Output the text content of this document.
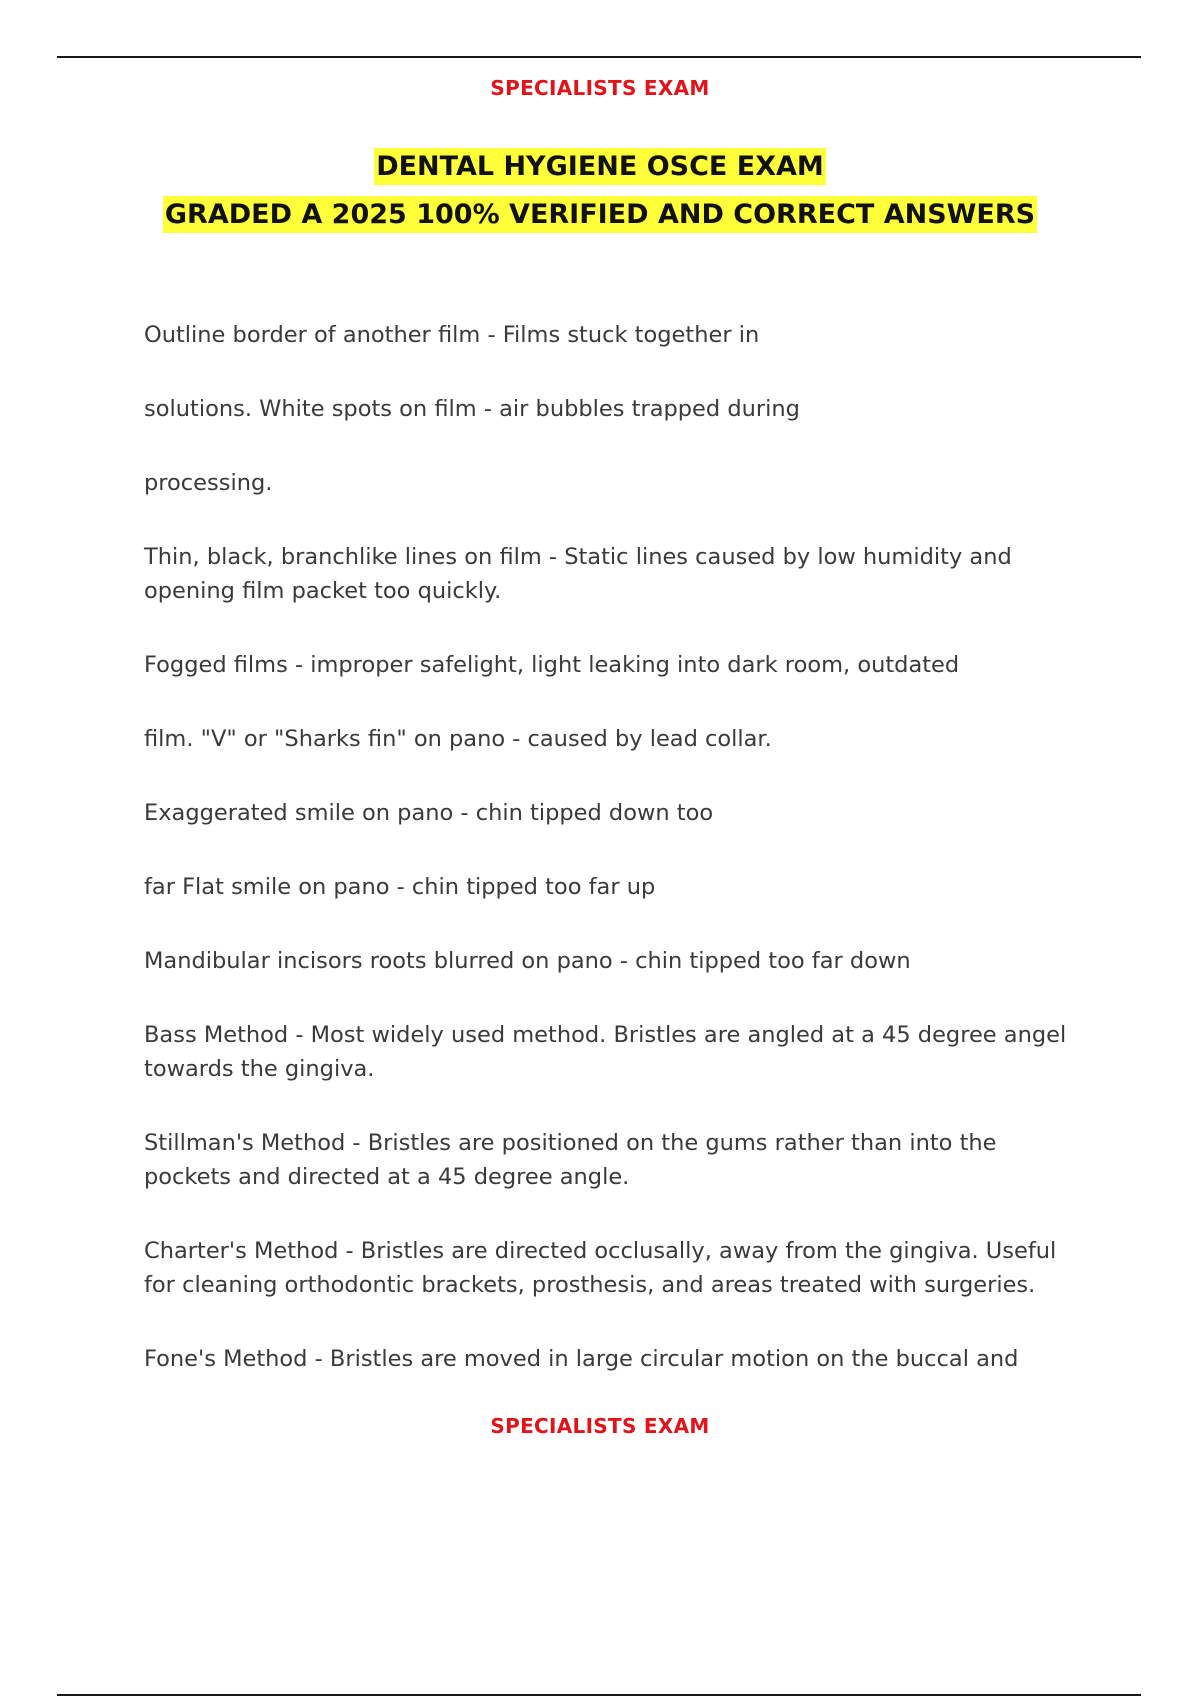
SPECIALISTS EXAM
DENTAL HYGIENE OSCE EXAM
GRADED A 2025 100% VERIFIED AND CORRECT ANSWERS

Outline border of another film - Films stuck together in

solutions. White spots on film - air bubbles trapped during

processing.

Thin, black, branchlike lines on film - Static lines caused by low humidity and opening film packet too quickly.

Fogged films - improper safelight, light leaking into dark room, outdated

film. "V" or "Sharks fin" on pano - caused by lead collar.

Exaggerated smile on pano - chin tipped down too

far Flat smile on pano - chin tipped too far up

Mandibular incisors roots blurred on pano - chin tipped too far down

Bass Method - Most widely used method. Bristles are angled at a 45 degree angel towards the gingiva.

Stillman's Method - Bristles are positioned on the gums rather than into the pockets and directed at a 45 degree angle.

Charter's Method - Bristles are directed occlusally, away from the gingiva. Useful for cleaning orthodontic brackets, prosthesis, and areas treated with surgeries.

Fone's Method - Bristles are moved in large circular motion on the buccal and

SPECIALISTS EXAM
